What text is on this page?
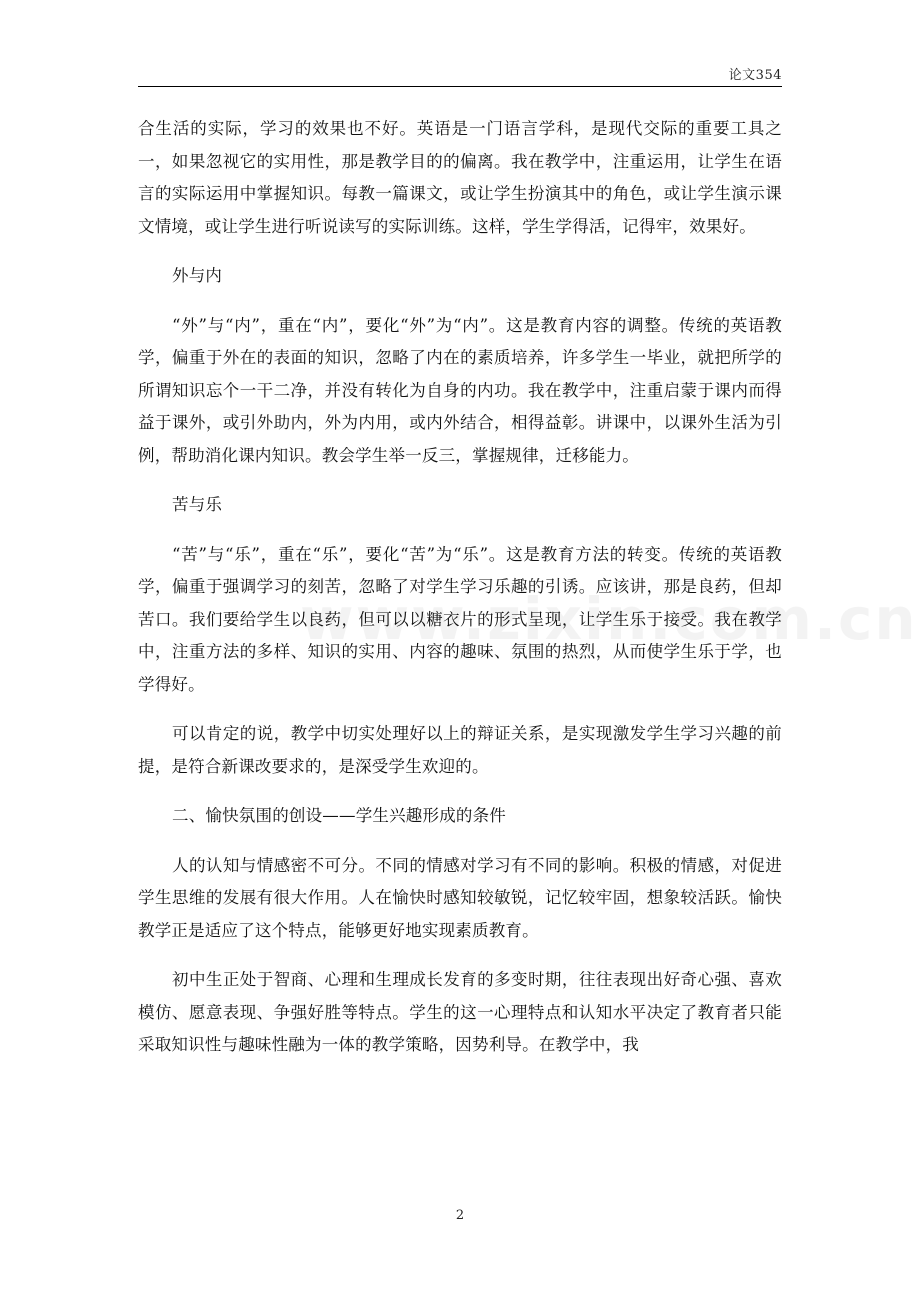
论文354

合生活的实际，学习的效果也不好。英语是一门语言学科，是现代交际的重要工具之一，如果忽视它的实用性，那是教学目的的偏离。我在教学中，注重运用，让学生在语言的实际运用中掌握知识。每教一篇课文，或让学生扮演其中的角色，或让学生演示课文情境，或让学生进行听说读写的实际训练。这样，学生学得活，记得牢，效果好。

外与内

“外”与“内”，重在“内”，要化“外”为“内”。这是教育内容的调整。传统的英语教学，偏重于外在的表面的知识，忽略了内在的素质培养，许多学生一毕业，就把所学的所谓知识忘个一干二净，并没有转化为自身的内功。我在教学中，注重启蒙于课内而得益于课外，或引外助内，外为内用，或内外结合，相得益彰。讲课中，以课外生活为引例，帮助消化课内知识。教会学生举一反三，掌握规律，迁移能力。

苦与乐

“苦”与“乐”，重在“乐”，要化“苦”为“乐”。这是教育方法的转变。传统的英语教学，偏重于强调学习的刻苦，忽略了对学生学习乐趣的引诱。应该讲，那是良药，但却苦口。我们要给学生以良药，但可以以糖衣片的形式呈现，让学生乐于接受。我在教学中，注重方法的多样、知识的实用、内容的趣味、氛围的热烈，从而使学生乐于学，也学得好。

可以肯定的说，教学中切实处理好以上的辩证关系，是实现激发学生学习兴趣的前提，是符合新课改要求的，是深受学生欢迎的。

二、愉快氛围的创设——学生兴趣形成的条件

人的认知与情感密不可分。不同的情感对学习有不同的影响。积极的情感，对促进学生思维的发展有很大作用。人在愉快时感知较敏锐，记忆较牢固，想象较活跃。愉快教学正是适应了这个特点，能够更好地实现素质教育。

初中生正处于智商、心理和生理成长发育的多变时期，往往表现出好奇心强、喜欢模仿、愿意表现、争强好胜等特点。学生的这一心理特点和认知水平决定了教育者只能采取知识性与趣味性融为一体的教学策略，因势利导。在教学中，我

2
